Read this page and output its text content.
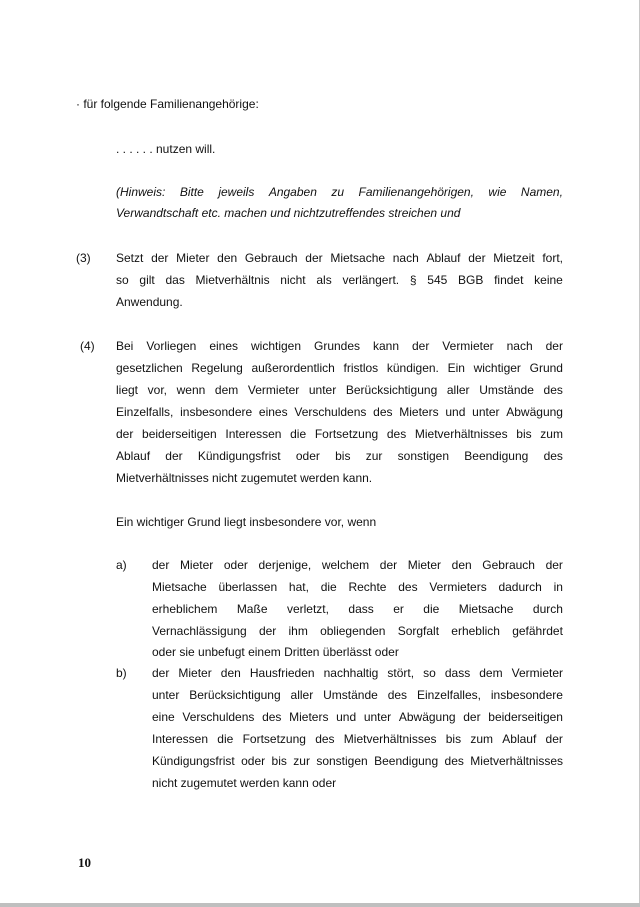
· für folgende Familienangehörige:
. . . . . . nutzen will.
(Hinweis: Bitte jeweils Angaben zu Familienangehörigen, wie Namen,
Verwandtschaft etc. machen und nichtzutreffendes streichen und
(3) Setzt der Mieter den Gebrauch der Mietsache nach Ablauf der Mietzeit fort,
so gilt das Mietverhältnis nicht als verlängert. § 545 BGB findet keine
Anwendung.
(4) Bei Vorliegen eines wichtigen Grundes kann der Vermieter nach der
gesetzlichen Regelung außerordentlich fristlos kündigen. Ein wichtiger Grund
liegt vor, wenn dem Vermieter unter Berücksichtigung aller Umstände des
Einzelfalls, insbesondere eines Verschuldens des Mieters und unter Abwägung
der beiderseitigen Interessen die Fortsetzung des Mietverhältnisses bis zum
Ablauf der Kündigungsfrist oder bis zur sonstigen Beendigung des
Mietverhältnisses nicht zugemutet werden kann.
Ein wichtiger Grund liegt insbesondere vor, wenn
a) der Mieter oder derjenige, welchem der Mieter den Gebrauch der
Mietsache überlassen hat, die Rechte des Vermieters dadurch in
erheblichem Maße verletzt, dass er die Mietsache durch
Vernachlässigung der ihm obliegenden Sorgfalt erheblich gefährdet
oder sie unbefugt einem Dritten überlässt oder
b) der Mieter den Hausfrieden nachhaltig stört, so dass dem Vermieter
unter Berücksichtigung aller Umstände des Einzelfalles, insbesondere
eine Verschuldens des Mieters und unter Abwägung der beiderseitigen
Interessen die Fortsetzung des Mietverhältnisses bis zum Ablauf der
Kündigungsfrist oder bis zur sonstigen Beendigung des Mietverhältnisses
nicht zugemutet werden kann oder
10
